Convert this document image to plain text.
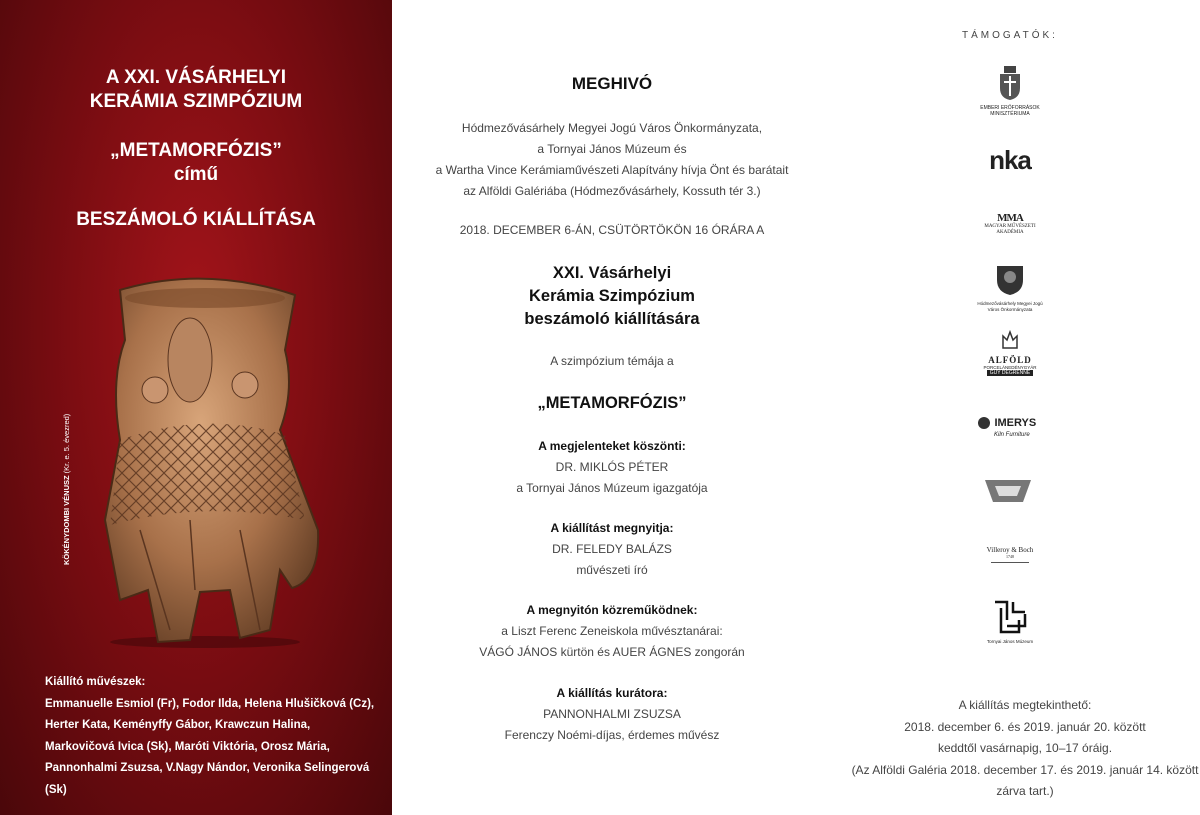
A XXI. VÁSÁRHELYI
KERÁMIA SZIMPÓZIUM
„METAMORFÓZIS”
című
BESZÁMOLÓ KIÁLLÍTÁSA
KÖKÉNYDOMBI VÉNUSZ (Kr. e. 5. évezred)
Kiállító művészek:
Emmanuelle Esmiol (Fr), Fodor Ilda, Helena Hlušičková (Cz),
Herter Kata, Keményffy Gábor, Krawczun Halina,
Markovičová Ivica (Sk), Maróti Viktória, Orosz Mária,
Pannonhalmi Zsuzsa, V.Nagy Nándor, Veronika Selingerová (Sk)
MEGHIVÓ
Hódmezővásárhely Megyei Jogú Város Önkormányzata,
a Tornyai János Múzeum és
a Wartha Vince Kerámiaművészeti Alapítvány hívja Önt és barátait
az Alföldi Galériába (Hódmezővásárhely, Kossuth tér 3.)
2018. DECEMBER 6-ÁN, CSÜTÖRTÖKÖN 16 ÓRÁRA A
XXI. Vásárhelyi
Kerámia Szimpózium
beszámoló kiállítására
A szimpózium témája a
„METAMORFÓZIS”
A megjelenteket köszönti:
DR. MIKLÓS PÉTER
a Tornyai János Múzeum igazgatója
A kiállítást megnyitja:
DR. FELEDY BALÁZS
művészeti író
A megnyitón közreműködnek:
a Liszt Ferenc Zeneiskola művésztanárai:
VÁGÓ JÁNOS kürtön és AUER ÁGNES zongorán
A kiállítás kurátora:
PANNONHALMI ZSUZSA
Ferenczy Noémi-díjas, érdemes művész
TÁMOGATÓK:
EMBERI ERŐFORRÁSOK MINISZTÉRIUMA
nka
MMA
MAGYAR MŰVÉSZETI AKADÉMIA
Hódmezővásárhely Megyei Jogú Város Önkormányzata
ALFÖLD
PORCELÁNEDÉNYGYÁR
GUY DEGRENNE
IMERYS
Kiln Furniture
Villeroy & Boch
1748
Tornyai János Múzeum
A kiállítás megtekinthető:
2018. december 6. és 2019. január 20. között
keddtől vasárnapig, 10–17 óráig.
(Az Alföldi Galéria 2018. december 17. és 2019. január 14. között
zárva tart.)
